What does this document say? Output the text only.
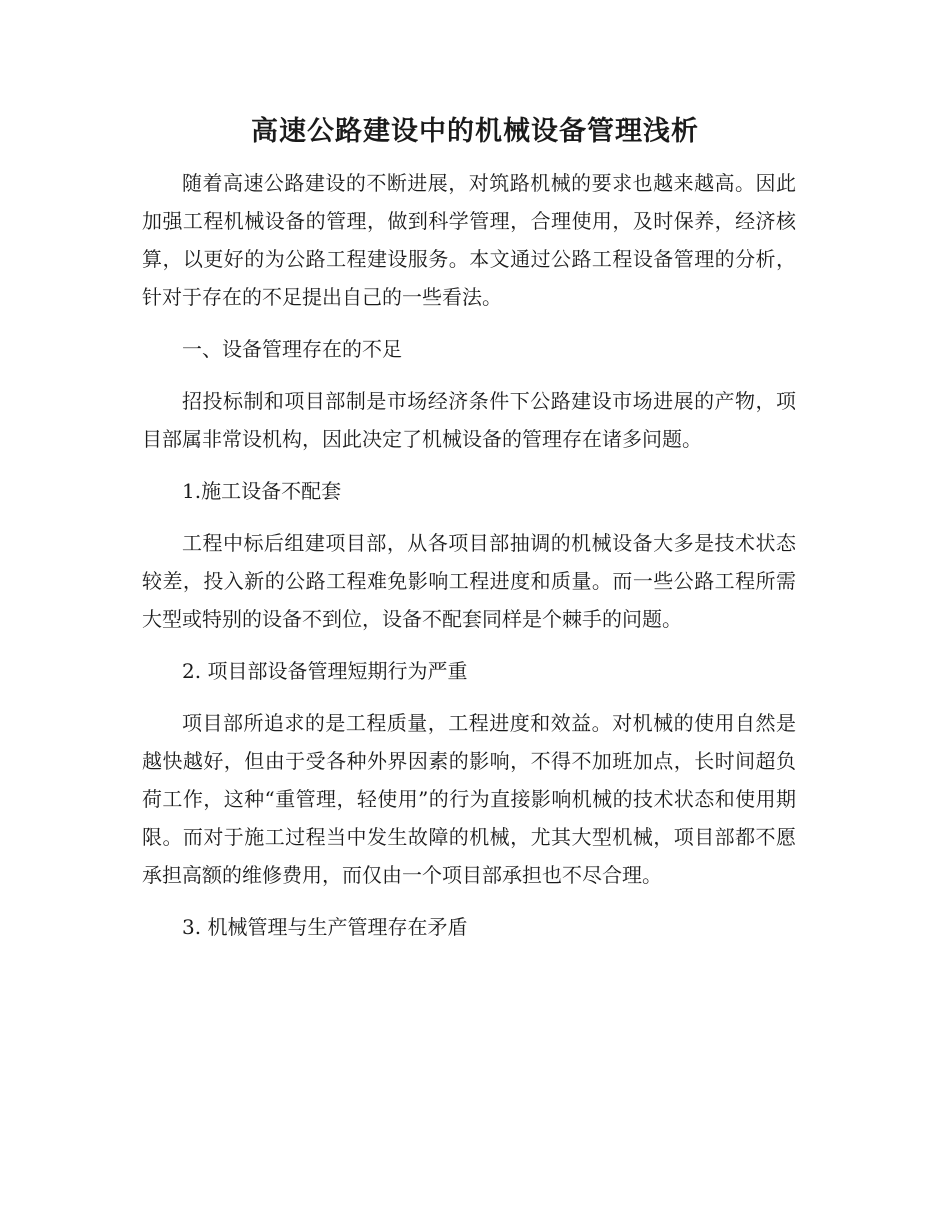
高速公路建设中的机械设备管理浅析

随着高速公路建设的不断进展，对筑路机械的要求也越来越高。因此加强工程机械设备的管理，做到科学管理，合理使用，及时保养，经济核算，以更好的为公路工程建设服务。本文通过公路工程设备管理的分析，针对于存在的不足提出自己的一些看法。

一、设备管理存在的不足

招投标制和项目部制是市场经济条件下公路建设市场进展的产物，项目部属非常设机构，因此决定了机械设备的管理存在诸多问题。

1.施工设备不配套

工程中标后组建项目部，从各项目部抽调的机械设备大多是技术状态较差，投入新的公路工程难免影响工程进度和质量。而一些公路工程所需大型或特别的设备不到位，设备不配套同样是个棘手的问题。

2. 项目部设备管理短期行为严重

项目部所追求的是工程质量，工程进度和效益。对机械的使用自然是越快越好，但由于受各种外界因素的影响，不得不加班加点，长时间超负荷工作，这种“重管理，轻使用”的行为直接影响机械的技术状态和使用期限。而对于施工过程当中发生故障的机械，尤其大型机械，项目部都不愿承担高额的维修费用，而仅由一个项目部承担也不尽合理。

3. 机械管理与生产管理存在矛盾
